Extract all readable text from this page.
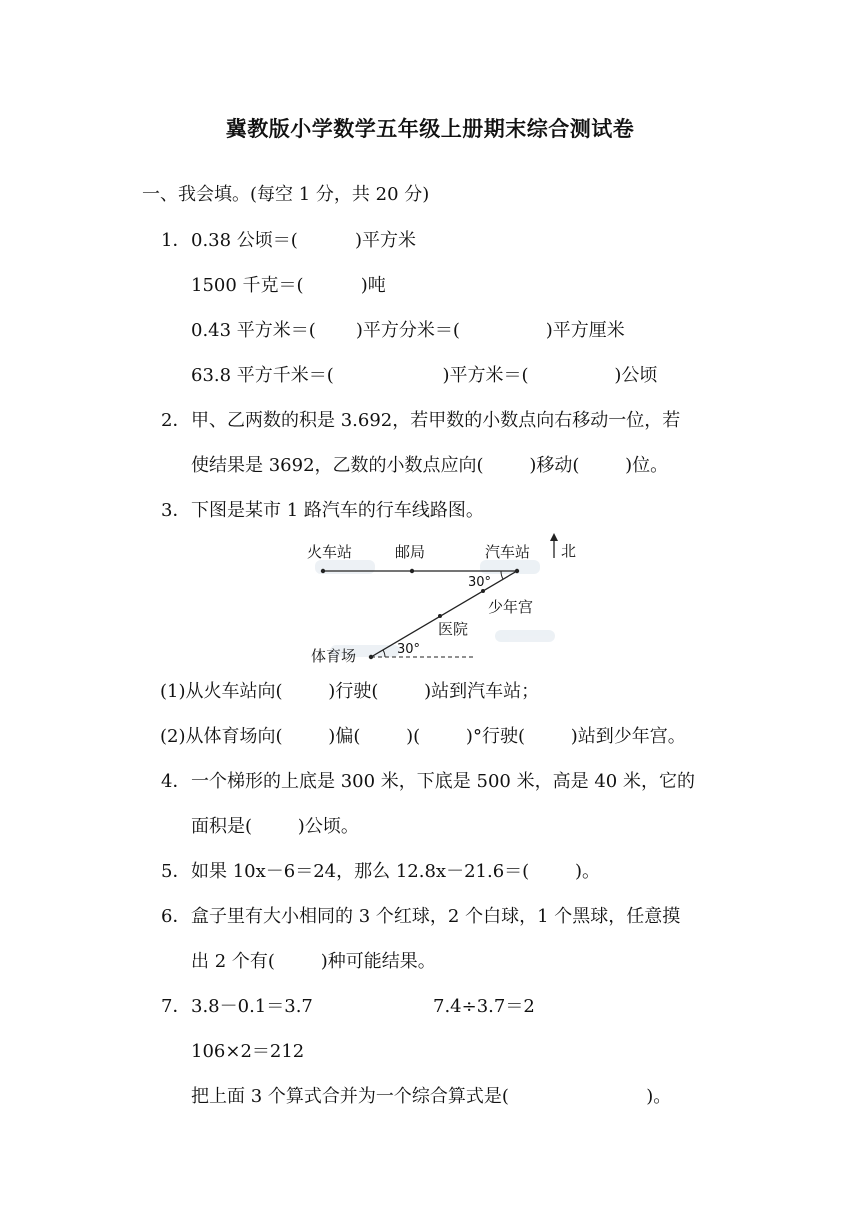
冀教版小学数学五年级上册期末综合测试卷
一、我会填。(每空 1 分，共 20 分)
1． 0.38 公顷＝(          )平方米
1500 千克＝(          )吨
0.43 平方米＝(       )平方分米＝(               )平方厘米
63.8 平方千米＝(                   )平方米＝(               )公顷
2． 甲、乙两数的积是 3.692，若甲数的小数点向右移动一位，若
使结果是 3692，乙数的小数点应向(        )移动(        )位。
3． 下图是某市 1 路汽车的行车线路图。
火车站	邮局	汽车站 北
30°
少年宫
医院
体育场	30°
(1)从火车站向(        )行驶(        )站到汽车站；
(2)从体育场向(        )偏(        )(        )°行驶(        )站到少年宫。
4． 一个梯形的上底是 300 米，下底是 500 米，高是 40 米，它的
面积是(        )公顷。
5． 如果 10x－6＝24，那么 12.8x－21.6＝(        )。
6． 盒子里有大小相同的 3 个红球，2 个白球，1 个黑球，任意摸
出 2 个有(        )种可能结果。
7． 3.8－0.1＝3.7	7.4÷3.7＝2
106×2＝212
把上面 3 个算式合并为一个综合算式是(                        )。
